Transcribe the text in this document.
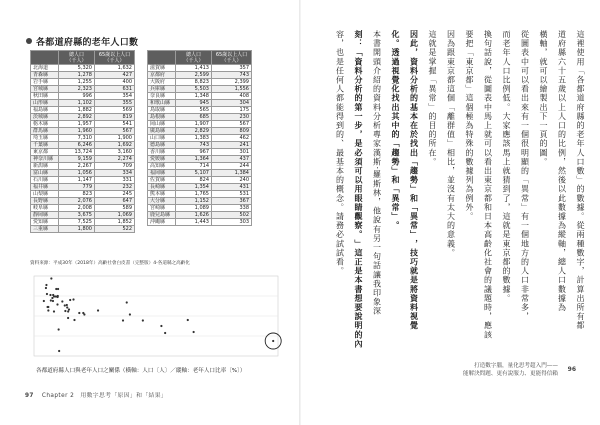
各都道府縣的老年人口數
	總人口
（千人）	65歲以上人口
（千人）
北海道	5,320	1,632
青森縣	1,278	427
岩手縣	1,255	400
宮城縣	2,323	631
秋田縣	996	354
山形縣	1,102	355
福島縣	1,882	569
茨城縣	2,892	819
栃木縣	1,957	541
群馬縣	1,960	567
埼玉縣	7,310	1,900
千葉縣	6,246	1,692
東京都	13,724	3,160
神奈川縣	9,159	2,274
新潟縣	2,267	709
富山縣	1,056	334
石川縣	1,147	331
福井縣	779	232
山梨縣	823	245
長野縣	2,076	647
岐阜縣	2,008	589
靜岡縣	3,675	1,069
愛知縣	7,525	1,852
三重縣	1,800	522
	總人口
（千人）	65歲以上人口
（千人）
滋賀縣	1,413	357
京都府	2,599	743
大阪府	8,823	2,399
兵庫縣	5,503	1,556
奈良縣	1,348	408
和歌山縣	945	304
鳥取縣	565	175
島根縣	685	230
岡山縣	1,907	567
廣島縣	2,829	809
山口縣	1,383	462
德島縣	743	241
香川縣	967	301
愛媛縣	1,364	437
高知縣	714	244
福岡縣	5,107	1,384
佐賀縣	824	240
長崎縣	1,354	431
熊本縣	1,765	531
大分縣	1,152	367
宮崎縣	1,089	338
鹿兒島縣	1,626	502
沖繩縣	1,443	303
資料來源：平成30年（2018年）高齡社會白皮書（完整版）4-各道縣之高齡化
各都道府縣人口與老年人口之關係（橫軸：人口〔人〕／縱軸：老年人口比率〔%〕）
97 Chapter 2　用數字思考「原因」和「結果」
這裡使用「各都道府縣的老年人口數」的數據。從兩種數字，計算出所有都
道府縣六十五歲以上人口的比例，然後以此數據為縱軸，總人口數據為
橫軸，就可以繪製出下一頁的圖。
從圖表中可以看出來有一個很明顯的「異常」有一個地方的人口非常多，
而老年人口比例低。大家應該馬上就猜到了，這就是東京都的數據。
換句話說，從圖表中馬上就可以看出東京都和日本高齡化社會的議題時，應該
要把「東京都」這個極為特殊的數據列為例外。
因為跟東京都這個「離群值」相比，並沒有太大的意義。
這就是掌握「異常」的目的所在。
因此，資料分析的基本在於找出「趨勢」和「異常」，技巧就是將資料視覺
化。透過視覺化找出其中的「趨勢」和「異常」。
本書開頭介紹的資料分析專家漢斯‧羅斯林，他說有另一句話讓我印象深
刻：「資料分析的第一步，是必須可以用眼睛觀察。」這正是本書想要說明的內
容，也是任何人都能得到的、最基本的概念。請務必試試看。
打造數字腦，量化思考超入門——
能解決問題、更有說服力、更能得信賴
96
